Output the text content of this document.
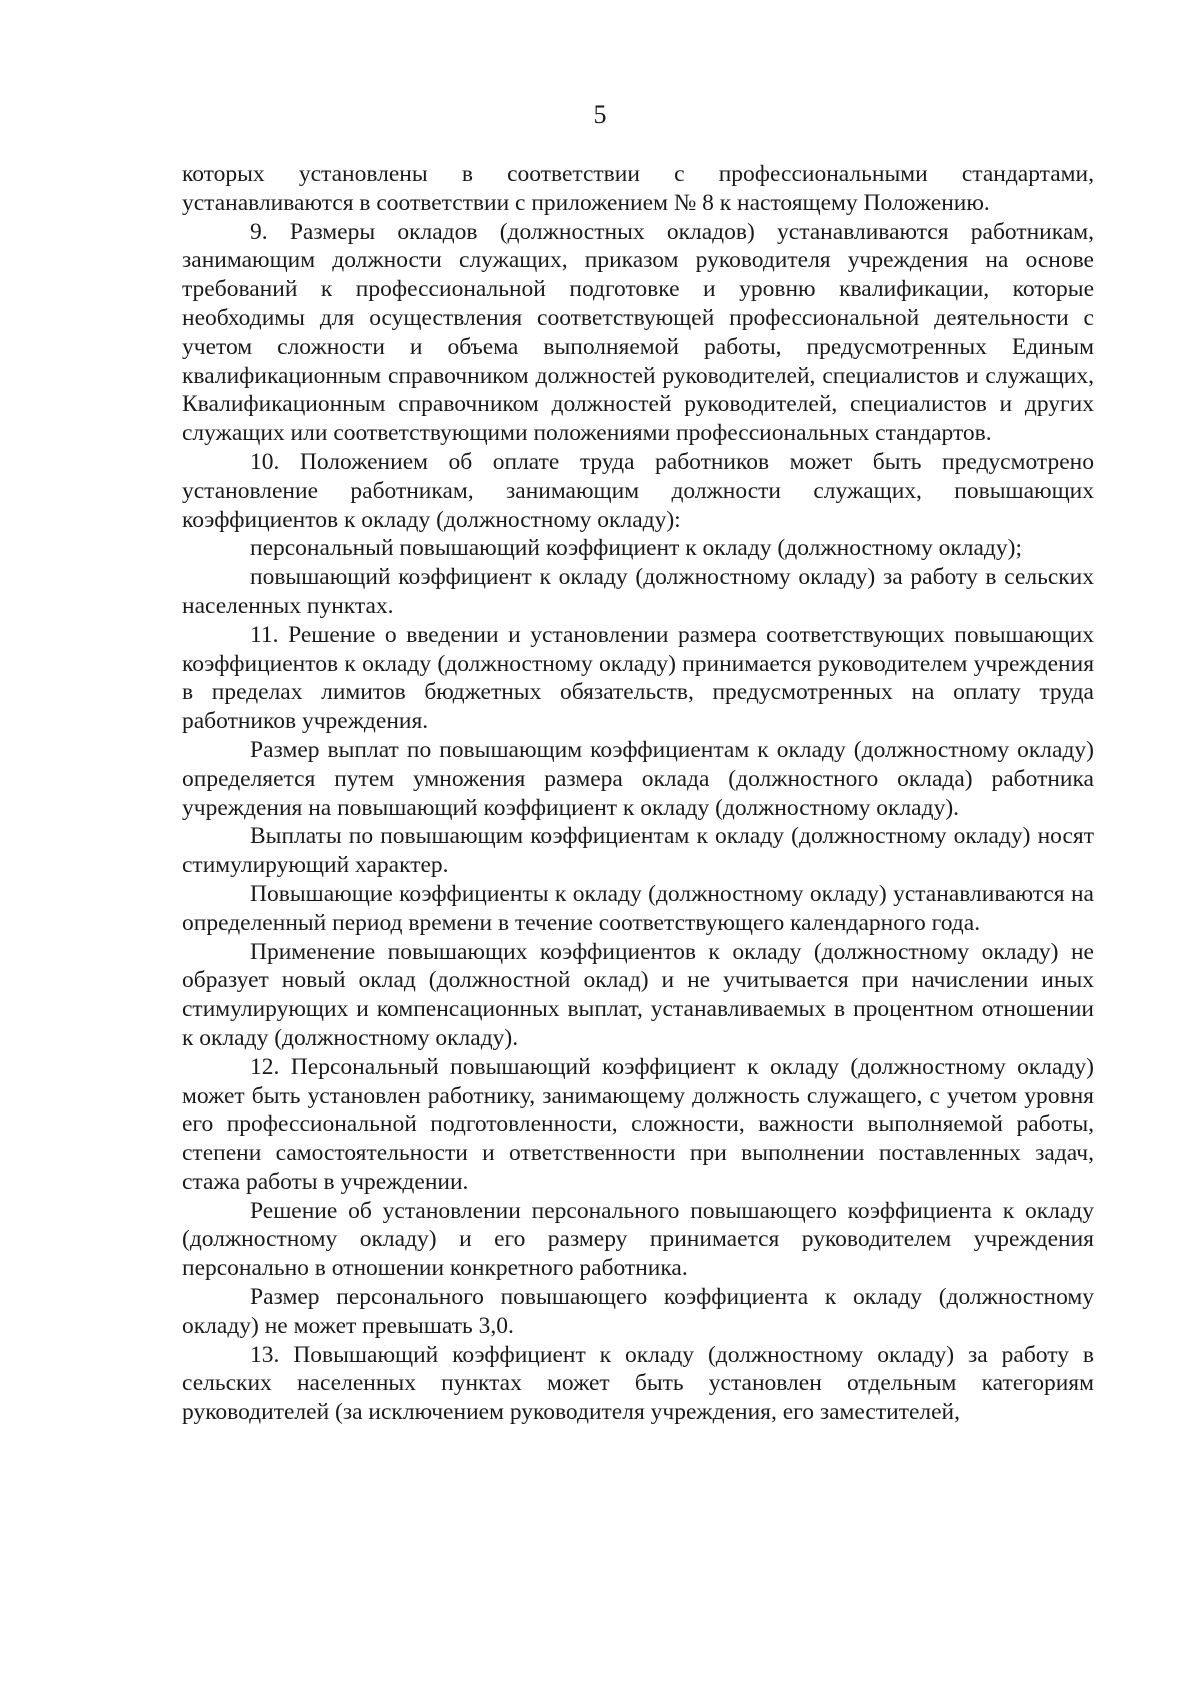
5

которых установлены в соответствии с профессиональными стандартами, устанавливаются в соответствии с приложением № 8 к настоящему Положению.

9. Размеры окладов (должностных окладов) устанавливаются работникам, занимающим должности служащих, приказом руководителя учреждения на основе требований к профессиональной подготовке и уровню квалификации, которые необходимы для осуществления соответствующей профессиональной деятельности с учетом сложности и объема выполняемой работы, предусмотренных Единым квалификационным справочником должностей руководителей, специалистов и служащих, Квалификационным справочником должностей руководителей, специалистов и других служащих или соответствующими положениями профессиональных стандартов.

10. Положением об оплате труда работников может быть предусмотрено установление работникам, занимающим должности служащих, повышающих коэффициентов к окладу (должностному окладу):

персональный повышающий коэффициент к окладу (должностному окладу);

повышающий коэффициент к окладу (должностному окладу) за работу в сельских населенных пунктах.

11. Решение о введении и установлении размера соответствующих повышающих коэффициентов к окладу (должностному окладу) принимается руководителем учреждения в пределах лимитов бюджетных обязательств, предусмотренных на оплату труда работников учреждения.

Размер выплат по повышающим коэффициентам к окладу (должностному окладу) определяется путем умножения размера оклада (должностного оклада) работника учреждения на повышающий коэффициент к окладу (должностному окладу).

Выплаты по повышающим коэффициентам к окладу (должностному окладу) носят стимулирующий характер.

Повышающие коэффициенты к окладу (должностному окладу) устанавливаются на определенный период времени в течение соответствующего календарного года.

Применение повышающих коэффициентов к окладу (должностному окладу) не образует новый оклад (должностной оклад) и не учитывается при начислении иных стимулирующих и компенсационных выплат, устанавливаемых в процентном отношении к окладу (должностному окладу).

12. Персональный повышающий коэффициент к окладу (должностному окладу) может быть установлен работнику, занимающему должность служащего, с учетом уровня его профессиональной подготовленности, сложности, важности выполняемой работы, степени самостоятельности и ответственности при выполнении поставленных задач, стажа работы в учреждении.

Решение об установлении персонального повышающего коэффициента к окладу (должностному окладу) и его размеру принимается руководителем учреждения персонально в отношении конкретного работника.

Размер персонального повышающего коэффициента к окладу (должностному окладу) не может превышать 3,0.

13. Повышающий коэффициент к окладу (должностному окладу) за работу в сельских населенных пунктах может быть установлен отдельным категориям руководителей (за исключением руководителя учреждения, его заместителей,
